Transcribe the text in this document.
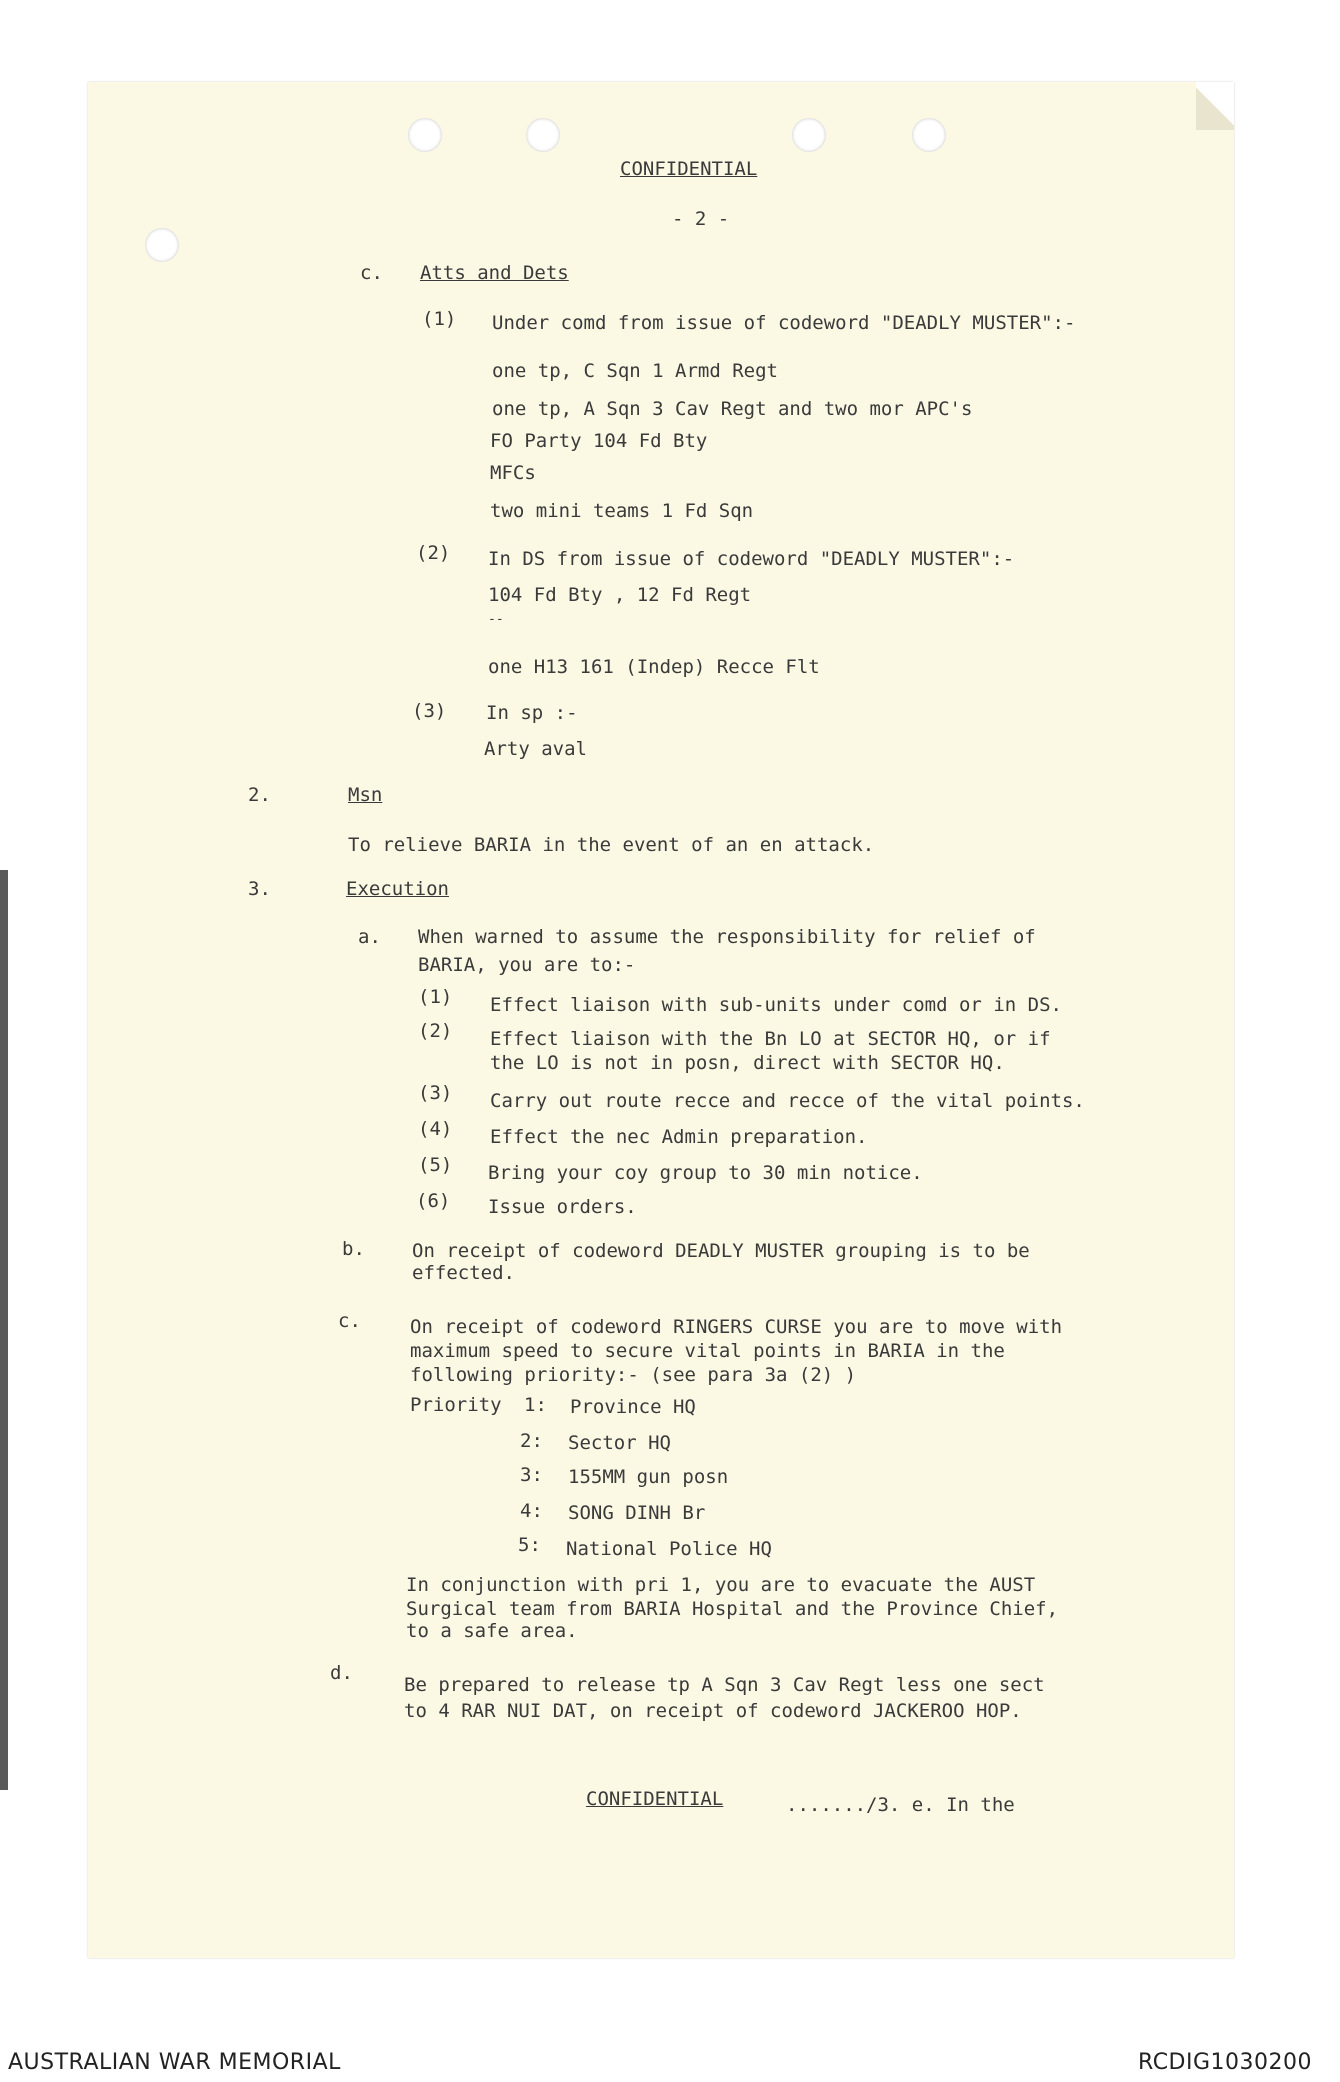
CONFIDENTIAL
- 2 -
c. Atts and Dets
(1) Under comd from issue of codeword "DEADLY MUSTER":-
one tp, C Sqn 1 Armd Regt
one tp, A Sqn 3 Cav Regt and two mor APC's
FO Party 104 Fd Bty
MFCs
two mini teams 1 Fd Sqn
(2) In DS from issue of codeword "DEADLY MUSTER":-
104 Fd Bty , 12 Fd Regt
--
one H13 161 (Indep) Recce Flt
(3) In sp :-
Arty aval
2.	Msn
To relieve BARIA in the event of an en attack.
3.	Execution
a. When warned to assume the responsibility for relief of
BARIA, you are to:-
(1) Effect liaison with sub-units under comd or in DS.
(2) Effect liaison with the Bn LO at SECTOR HQ, or if
the LO is not in posn, direct with SECTOR HQ.
(3) Carry out route recce and recce of the vital points.
(4) Effect the nec Admin preparation.
(5) Bring your coy group to 30 min notice.
(6) Issue orders.
b. On receipt of codeword DEADLY MUSTER grouping is to be
effected.
c.	On receipt of codeword RINGERS CURSE you are to move with
maximum speed to secure vital points in BARIA in the
following priority:- (see para 3a (2) )
Priority 1: Province HQ
2: Sector HQ
3: 155MM gun posn
4: SONG DINH Br
5: National Police HQ
In conjunction with pri 1, you are to evacuate the AUST
Surgical team from BARIA Hospital and the Province Chief,
to a safe area.
d.
Be prepared to release tp A Sqn 3 Cav Regt less one sect
to 4 RAR NUI DAT, on receipt of codeword JACKEROO HOP.
CONFIDENTIAL	....... /3. e. In the
AUSTRALIAN WAR MEMORIAL	RCDIG1030200
